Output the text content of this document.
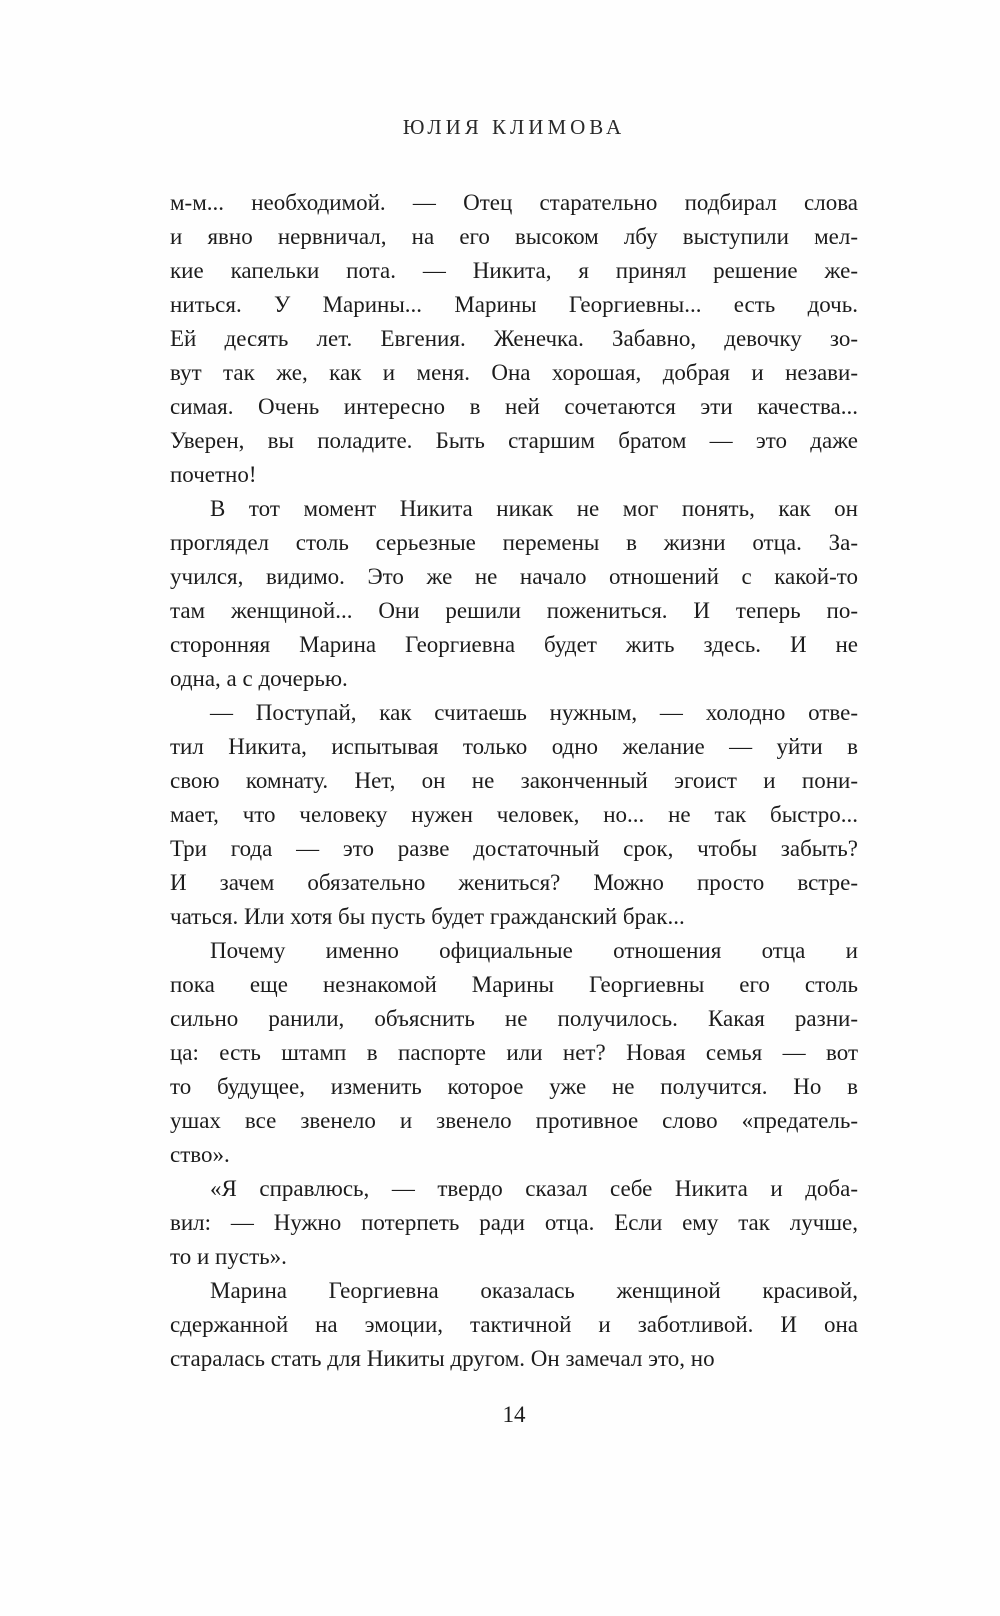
ЮЛИЯ КЛИМОВА
м-м... необходимой. — Отец старательно подбирал слова
и явно нервничал, на его высоком лбу выступили мел-
кие капельки пота. — Никита, я принял решение же-
ниться. У Марины... Марины Георгиевны... есть дочь.
Ей десять лет. Евгения. Женечка. Забавно, девочку зо-
вут так же, как и меня. Она хорошая, добрая и незави-
симая. Очень интересно в ней сочетаются эти качества...
Уверен, вы поладите. Быть старшим братом — это даже
почетно!
В тот момент Никита никак не мог понять, как он
проглядел столь серьезные перемены в жизни отца. За-
учился, видимо. Это же не начало отношений с какой-то
там женщиной... Они решили пожениться. И теперь по-
сторонняя Марина Георгиевна будет жить здесь. И не
одна, а с дочерью.
— Поступай, как считаешь нужным, — холодно отве-
тил Никита, испытывая только одно желание — уйти в
свою комнату. Нет, он не законченный эгоист и пони-
мает, что человеку нужен человек, но... не так быстро...
Три года — это разве достаточный срок, чтобы забыть?
И зачем обязательно жениться? Можно просто встре-
чаться. Или хотя бы пусть будет гражданский брак...
Почему именно официальные отношения отца и
пока еще незнакомой Марины Георгиевны его столь
сильно ранили, объяснить не получилось. Какая разни-
ца: есть штамп в паспорте или нет? Новая семья — вот
то будущее, изменить которое уже не получится. Но в
ушах все звенело и звенело противное слово «предатель-
ство».
«Я справлюсь, — твердо сказал себе Никита и доба-
вил: — Нужно потерпеть ради отца. Если ему так лучше,
то и пусть».
Марина Георгиевна оказалась женщиной красивой,
сдержанной на эмоции, тактичной и заботливой. И она
старалась стать для Никиты другом. Он замечал это, но
14
